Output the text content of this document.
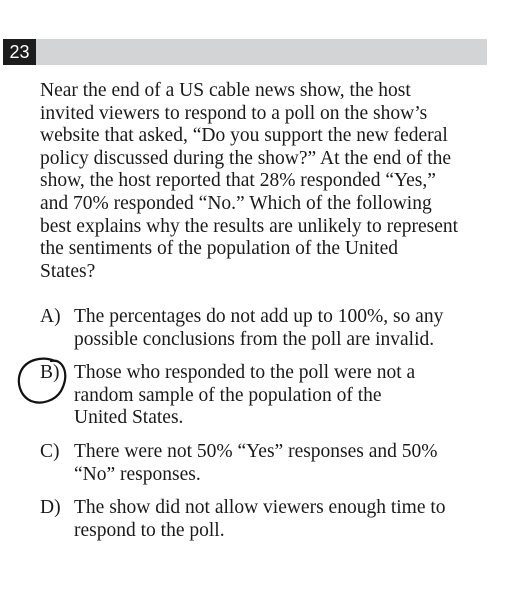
23
Near the end of a US cable news show, the host
invited viewers to respond to a poll on the show’s
website that asked, “Do you support the new federal
policy discussed during the show?” At the end of the
show, the host reported that 28% responded “Yes,”
and 70% responded “No.” Which of the following
best explains why the results are unlikely to represent
the sentiments of the population of the United
States?
A) The percentages do not add up to 100%, so any
possible conclusions from the poll are invalid.
B) Those who responded to the poll were not a
random sample of the population of the
United States.
C) There were not 50% “Yes” responses and 50%
“No” responses.
D) The show did not allow viewers enough time to
respond to the poll.
